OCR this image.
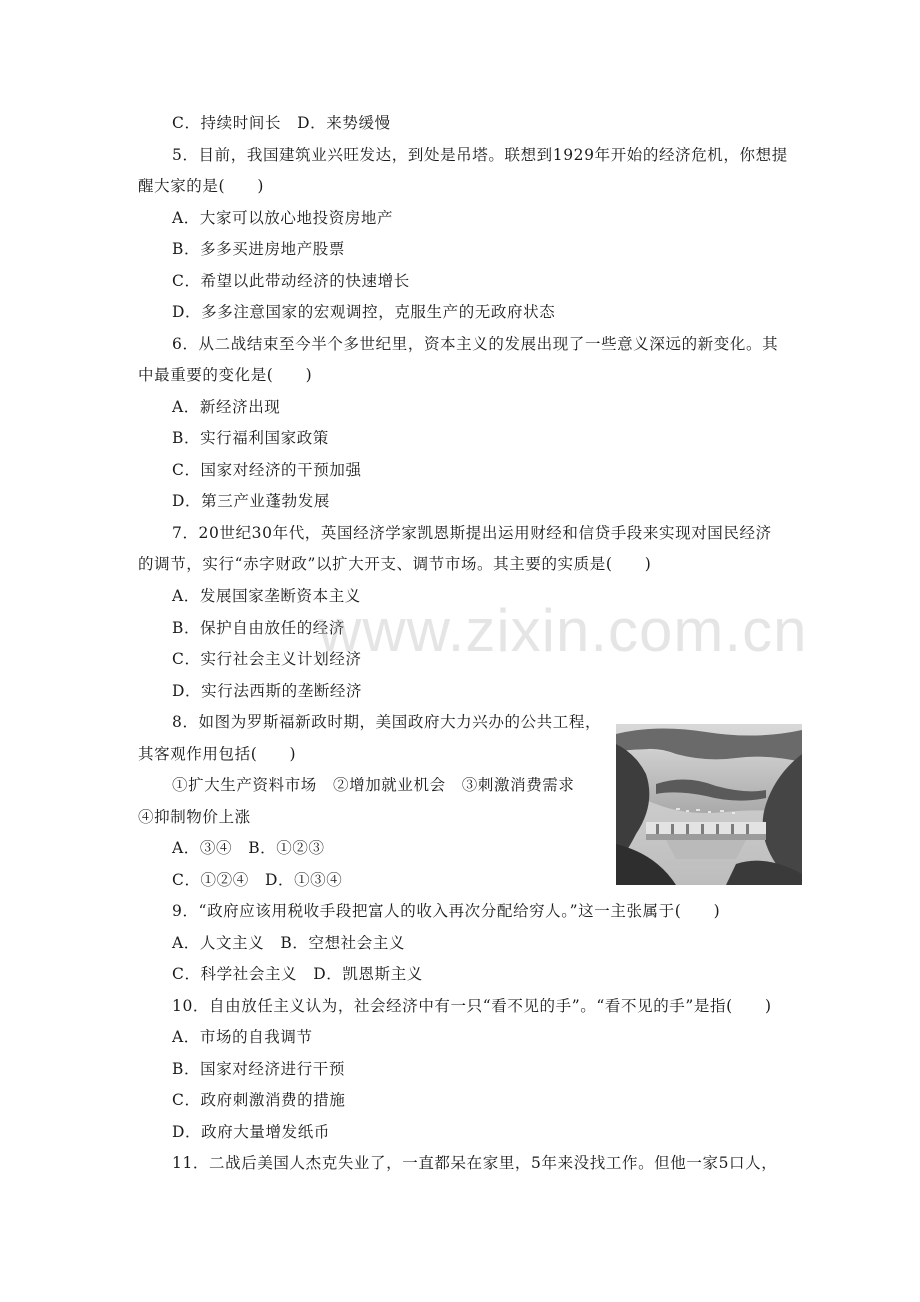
C．持续时间长　D．来势缓慢
5．目前，我国建筑业兴旺发达，到处是吊塔。联想到1929年开始的经济危机，你想提
醒大家的是(　　)
A．大家可以放心地投资房地产
B．多多买进房地产股票
C．希望以此带动经济的快速增长
D．多多注意国家的宏观调控，克服生产的无政府状态
6．从二战结束至今半个多世纪里，资本主义的发展出现了一些意义深远的新变化。其
中最重要的变化是(　　)
A．新经济出现
B．实行福利国家政策
C．国家对经济的干预加强
D．第三产业蓬勃发展
7．20世纪30年代，英国经济学家凯恩斯提出运用财经和信贷手段来实现对国民经济
的调节，实行“赤字财政”以扩大开支、调节市场。其主要的实质是(　　)
A．发展国家垄断资本主义
B．保护自由放任的经济
C．实行社会主义计划经济
D．实行法西斯的垄断经济
8．如图为罗斯福新政时期，美国政府大力兴办的公共工程，
其客观作用包括(　　)
①扩大生产资料市场　②增加就业机会　③刺激消费需求
④抑制物价上涨
A．③④　B．①②③
C．①②④　D．①③④
9．“政府应该用税收手段把富人的收入再次分配给穷人。”这一主张属于(　　)
A．人文主义　B．空想社会主义
C．科学社会主义　D．凯恩斯主义
10．自由放任主义认为，社会经济中有一只“看不见的手”。“看不见的手”是指(　　)
A．市场的自我调节
B．国家对经济进行干预
C．政府刺激消费的措施
D．政府大量增发纸币
11．二战后美国人杰克失业了，一直都呆在家里，5年来没找工作。但他一家5口人，
www.zixin.com.cn
